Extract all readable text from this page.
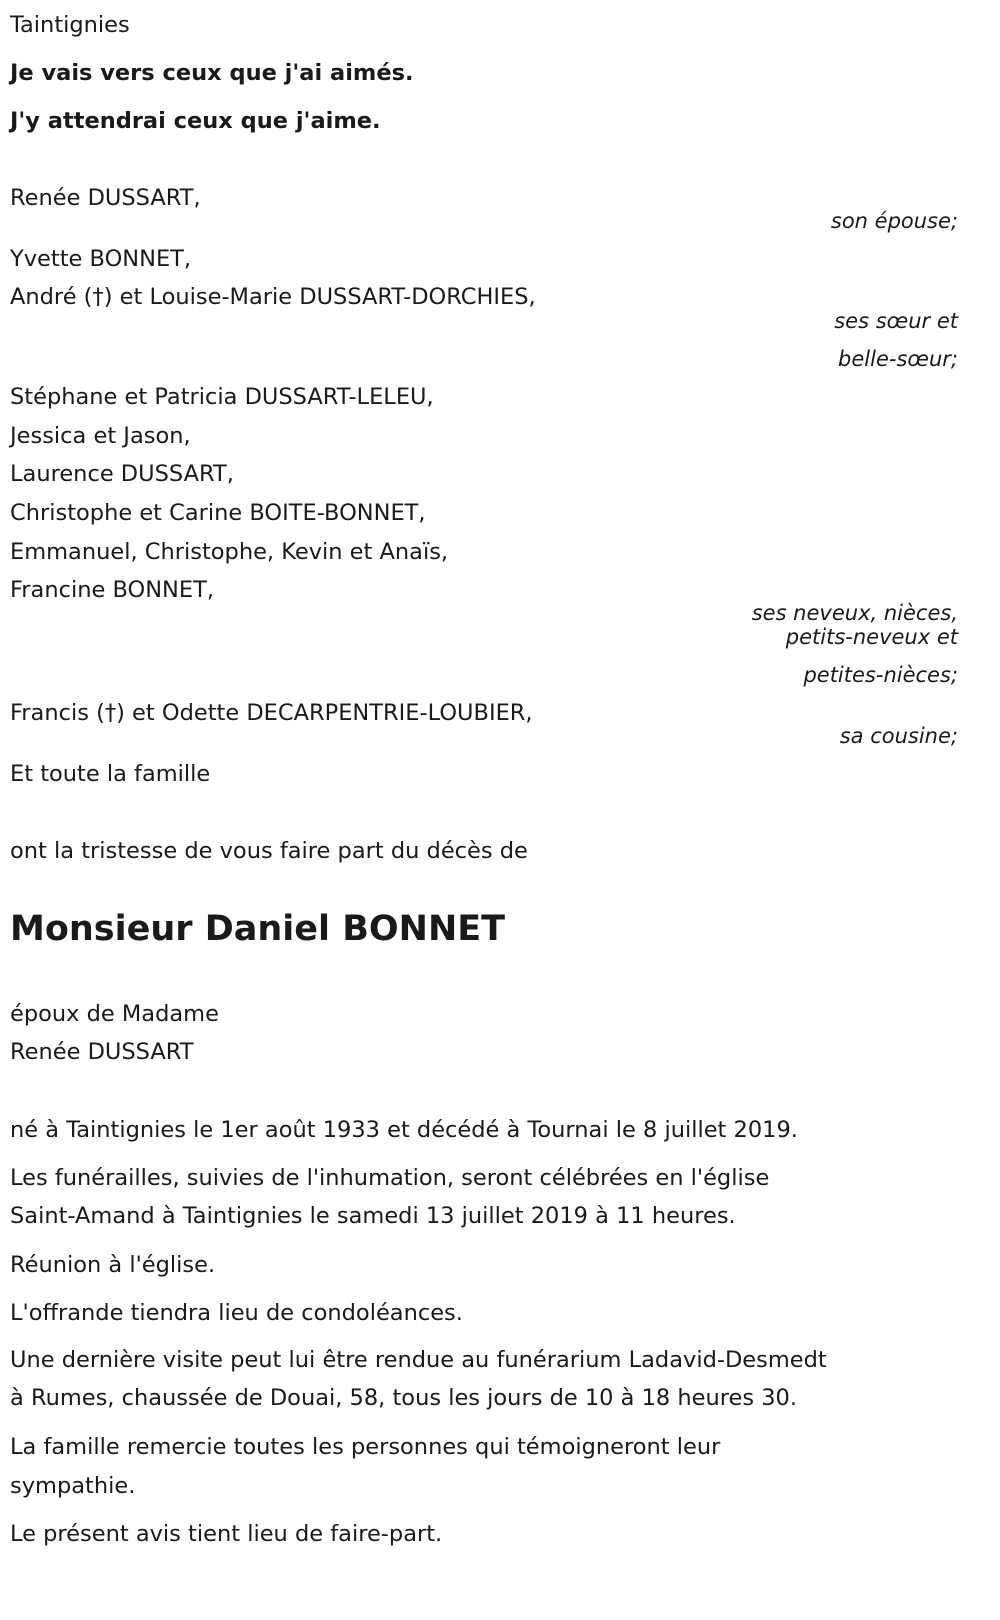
Taintignies
Je vais vers ceux que j'ai aimés.
J'y attendrai ceux que j'aime.
Renée DUSSART,
son épouse;
Yvette BONNET,
André (†) et Louise-Marie DUSSART-DORCHIES,
ses sœur et
belle-sœur;
Stéphane et Patricia DUSSART-LELEU,
Jessica et Jason,
Laurence DUSSART,
Christophe et Carine BOITE-BONNET,
Emmanuel, Christophe, Kevin et Anaïs,
Francine BONNET,
ses neveux, nièces,
petits-neveux et
petites-nièces;
Francis (†) et Odette DECARPENTRIE-LOUBIER,
sa cousine;
Et toute la famille
ont la tristesse de vous faire part du décès de
Monsieur Daniel BONNET
époux de Madame
Renée DUSSART
né à Taintignies le 1er août 1933 et décédé à Tournai le 8 juillet 2019.
Les funérailles, suivies de l'inhumation, seront célébrées en l'église
Saint-Amand à Taintignies le samedi 13 juillet 2019 à 11 heures.
Réunion à l'église.
L'offrande tiendra lieu de condoléances.
Une dernière visite peut lui être rendue au funérarium Ladavid-Desmedt
à Rumes, chaussée de Douai, 58, tous les jours de 10 à 18 heures 30.
La famille remercie toutes les personnes qui témoigneront leur
sympathie.
Le présent avis tient lieu de faire-part.
